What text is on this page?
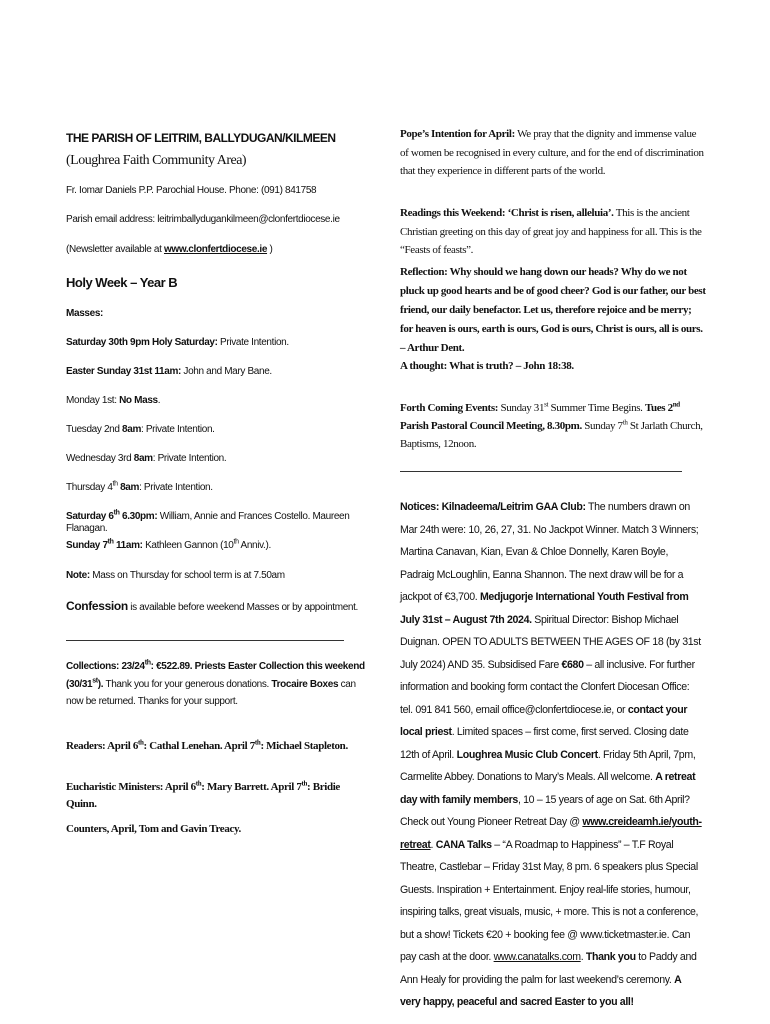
THE PARISH OF LEITRIM, BALLYDUGAN/KILMEEN (Loughrea Faith Community Area)

Fr. Iomar Daniels P.P. Parochial House. Phone: (091) 841758

Parish email address: leitrimballydugankilmeen@clonfertdiocese.ie

(Newsletter available at www.clonfertdiocese.ie )

Holy Week – Year B

Masses:

Saturday 30th 9pm Holy Saturday: Private Intention.

Easter Sunday 31st 11am: John and Mary Bane.

Monday 1st: No Mass.

Tuesday 2nd 8am: Private Intention.

Wednesday 3rd 8am: Private Intention.

Thursday 4th 8am: Private Intention.

Saturday 6th 6.30pm: William, Annie and Frances Costello. Maureen Flanagan.

Sunday 7th 11am: Kathleen Gannon (10th Anniv.).

Note: Mass on Thursday for school term is at 7.50am

Confession is available before weekend Masses or by appointment.

Collections: 23/24th: €522.89. Priests Easter Collection this weekend (30/31st). Thank you for your generous donations. Trocaire Boxes can now be returned. Thanks for your support.

Readers: April 6th: Cathal Lenehan. April 7th: Michael Stapleton.

Eucharistic Ministers: April 6th: Mary Barrett. April 7th: Bridie Quinn.

Counters, April, Tom and Gavin Treacy.

Pope’s Intention for April: We pray that the dignity and immense value of women be recognised in every culture, and for the end of discrimination that they experience in different parts of the world.

Readings this Weekend: ‘Christ is risen, alleluia’. This is the ancient Christian greeting on this day of great joy and happiness for all. This is the “Feasts of feasts”.

Reflection: Why should we hang down our heads? Why do we not pluck up good hearts and be of good cheer? God is our father, our best friend, our daily benefactor. Let us, therefore rejoice and be merry; for heaven is ours, earth is ours, God is ours, Christ is ours, all is ours. – Arthur Dent.

A thought: What is truth? – John 18:38.

Forth Coming Events: Sunday 31st Summer Time Begins. Tues 2nd Parish Pastoral Council Meeting, 8.30pm. Sunday 7th St Jarlath Church, Baptisms, 12noon.

Notices: Kilnadeema/Leitrim GAA Club: The numbers drawn on Mar 24th were: 10, 26, 27, 31. No Jackpot Winner. Match 3 Winners; Martina Canavan, Kian, Evan & Chloe Donnelly, Karen Boyle, Padraig McLoughlin, Eanna Shannon. The next draw will be for a jackpot of €3,700. Medjugorje International Youth Festival from July 31st – August 7th 2024. Spiritual Director: Bishop Michael Duignan. OPEN TO ADULTS BETWEEN THE AGES OF 18 (by 31st July 2024) AND 35. Subsidised Fare €680 – all inclusive. For further information and booking form contact the Clonfert Diocesan Office: tel. 091 841 560, email office@clonfertdiocese.ie, or contact your local priest. Limited spaces – first come, first served. Closing date 12th of April. Loughrea Music Club Concert. Friday 5th April, 7pm, Carmelite Abbey. Donations to Mary’s Meals. All welcome. A retreat day with family members, 10 – 15 years of age on Sat. 6th April? Check out Young Pioneer Retreat Day @ www.creideamh.ie/youth-retreat. CANA Talks – “A Roadmap to Happiness” – T.F Royal Theatre, Castlebar – Friday 31st May, 8 pm. 6 speakers plus Special Guests. Inspiration + Entertainment. Enjoy real-life stories, humour, inspiring talks, great visuals, music, + more. This is not a conference, but a show! Tickets €20 + booking fee @ www.ticketmaster.ie. Can pay cash at the door. www.canatalks.com. Thank you to Paddy and Ann Healy for providing the palm for last weekend’s ceremony. A very happy, peaceful and sacred Easter to you all!
